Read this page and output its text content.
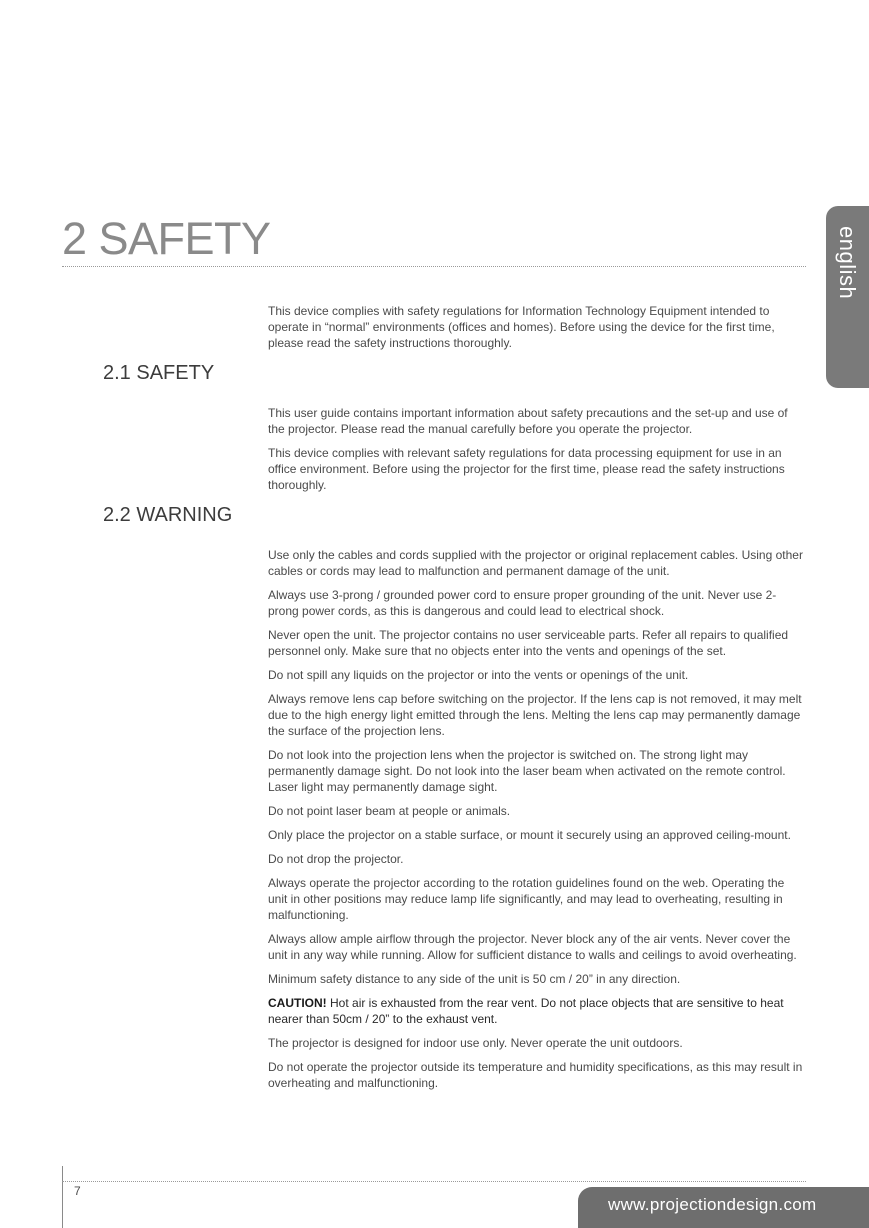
2 SAFETY	english

This device complies with safety regulations for Information Technology Equipment intended to operate in “normal” environments (offices and homes). Before using the device for the first time, please read the safety instructions thoroughly.

2.1 SAFETY

This user guide contains important information about safety precautions and the set-up and use of the projector. Please read the manual carefully before you operate the projector.

This device complies with relevant safety regulations for data processing equipment for use in an office environment. Before using the projector for the first time, please read the safety instructions thoroughly.

2.2 WARNING

Use only the cables and cords supplied with the projector or original replacement cables. Using other cables or cords may lead to malfunction and permanent damage of the unit.

Always use 3-prong / grounded power cord to ensure proper grounding of the unit. Never use 2-prong power cords, as this is dangerous and could lead to electrical shock.

Never open the unit. The projector contains no user serviceable parts. Refer all repairs to qualified personnel only. Make sure that no objects enter into the vents and openings of the set.

Do not spill any liquids on the projector or into the vents or openings of the unit.

Always remove lens cap before switching on the projector. If the lens cap is not removed, it may melt due to the high energy light emitted through the lens. Melting the lens cap may permanently damage the surface of the projection lens.

Do not look into the projection lens when the projector is switched on. The strong light may permanently damage sight. Do not look into the laser beam when activated on the remote control. Laser light may permanently damage sight.

Do not point laser beam at people or animals.

Only place the projector on a stable surface, or mount it securely using an approved ceiling-mount.

Do not drop the projector.

Always operate the projector according to the rotation guidelines found on the web. Operating the unit in other positions may reduce lamp life significantly, and may lead to overheating, resulting in malfunctioning.

Always allow ample airflow through the projector. Never block any of the air vents. Never cover the unit in any way while running. Allow for sufficient distance to walls and ceilings to avoid overheating.

Minimum safety distance to any side of the unit is 50 cm / 20” in any direction.

CAUTION! Hot air is exhausted from the rear vent. Do not place objects that are sensitive to heat nearer than 50cm / 20” to the exhaust vent.

The projector is designed for indoor use only. Never operate the unit outdoors.

Do not operate the projector outside its temperature and humidity specifications, as this may result in overheating and malfunctioning.

7
www.projectiondesign.com
